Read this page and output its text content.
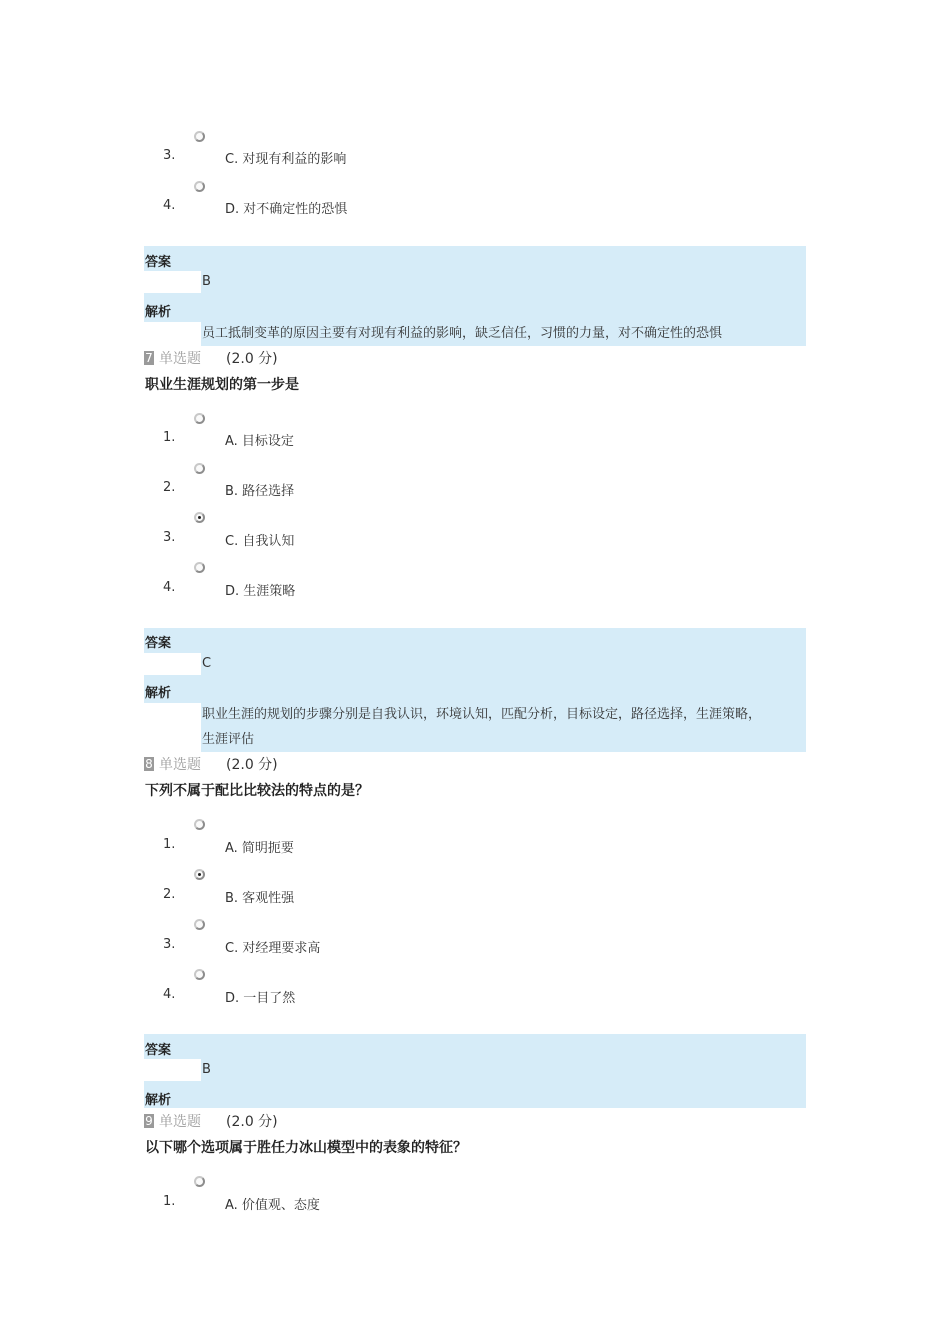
3.	C. 对现有利益的影响
4.	D. 对不确定性的恐惧
答案
B
解析
员工抵制变革的原因主要有对现有利益的影响，缺乏信任，习惯的力量，对不确定性的恐惧
7 单选题 (2.0 分)
职业生涯规划的第一步是
1.	A. 目标设定
2.	B. 路径选择
3.	C. 自我认知
4.	D. 生涯策略
答案
C
解析
职业生涯的规划的步骤分别是自我认识，环境认知，匹配分析，目标设定，路径选择，生涯策略，
生涯评估
8 单选题 (2.0 分)
下列不属于配比比较法的特点的是？
1.	A. 简明扼要
2.	B. 客观性强
3.	C. 对经理要求高
4.	D. 一目了然
答案
B
解析
9 单选题 (2.0 分)
以下哪个选项属于胜任力冰山模型中的表象的特征？
1.	A. 价值观、态度
